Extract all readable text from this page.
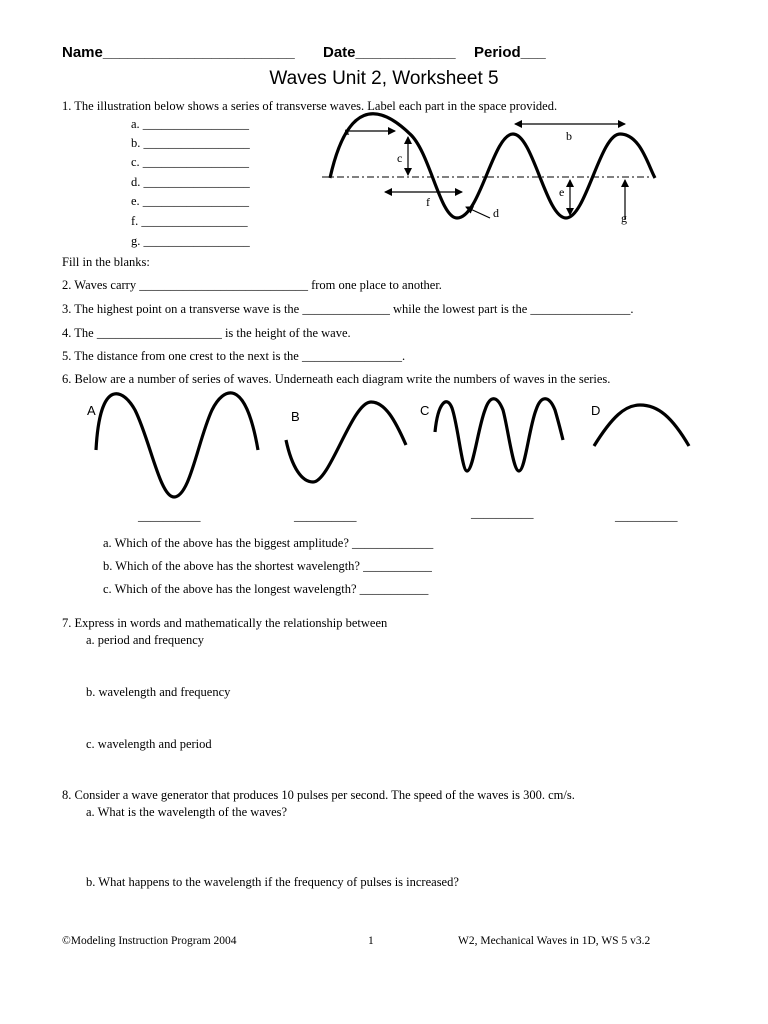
Name_______________________ Date____________ Period___
Waves Unit 2, Worksheet 5
1. The illustration below shows a series of transverse waves. Label each part in the space provided.
a. _________________
b. _________________
c. _________________
d. _________________
e. _________________
f. _________________
g. _________________
a	b
c
d
e
f
g
Fill in the blanks:
2. Waves carry ___________________________ from one place to another.
3. The highest point on a transverse wave is the ______________ while the lowest part is the ________________.
4. The ____________________ is the height of the wave.
5. The distance from one crest to the next is the ________________.
6. Below are a number of series of waves. Underneath each diagram write the numbers of waves in the series.
A	B	C	D
__________	__________	__________	__________
a. Which of the above has the biggest amplitude? _____________
b. Which of the above has the shortest wavelength? ___________
c. Which of the above has the longest wavelength? ___________
7. Express in words and mathematically the relationship between
a. period and frequency
b. wavelength and frequency
c. wavelength and period
8. Consider a wave generator that produces 10 pulses per second. The speed of the waves is 300. cm/s.
a. What is the wavelength of the waves?
b. What happens to the wavelength if the frequency of pulses is increased?
©Modeling Instruction Program 2004	1	W2, Mechanical Waves in 1D, WS 5 v3.2
